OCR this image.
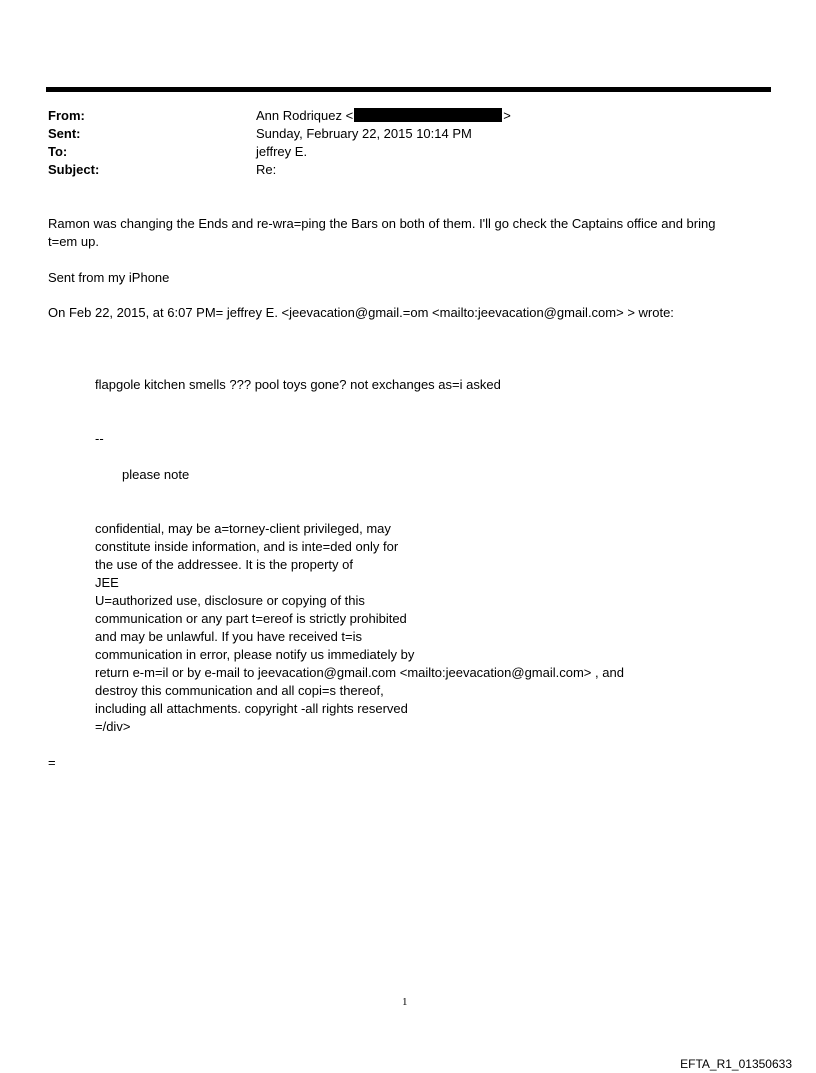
From:	Ann Rodriquez <	>
Sent:	Sunday, February 22, 2015 10:14 PM
To:	jeffrey E.
Subject:	Re:
Ramon was changing the Ends and re-wra=ping the Bars on both of them. I'll go check the Captains office and bring
t=em up.
Sent from my iPhone
On Feb 22, 2015, at 6:07 PM= jeffrey E. <jeevacation@gmail.=om <mailto:jeevacation@gmail.com> > wrote:
flapgole kitchen smells ??? pool toys gone? not exchanges as=i asked
--
please note
confidential, may be a=torney-client privileged, may
constitute inside information, and is inte=ded only for
the use of the addressee. It is the property of
JEE
U=authorized use, disclosure or copying of this
communication or any part t=ereof is strictly prohibited
and may be unlawful. If you have received t=is
communication in error, please notify us immediately by
return e-m=il or by e-mail to jeevacation@gmail.com <mailto:jeevacation@gmail.com> , and
destroy this communication and all copi=s thereof,
including all attachments. copyright -all rights reserved
=/div>
=
1
EFTA_R1_01350633
